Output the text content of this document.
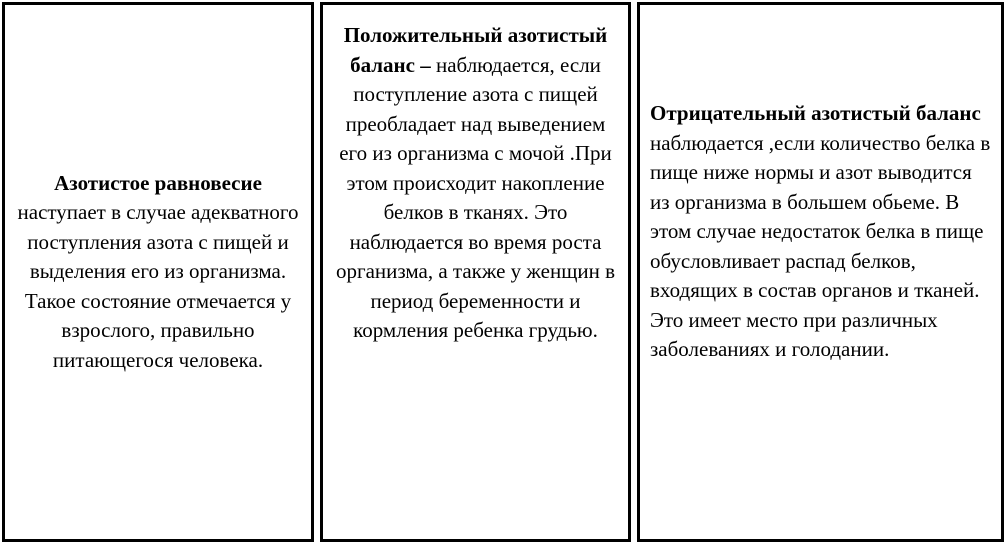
Азотистое равновесие наступает в случае адекватного поступления азота с пищей и выделения его из организма. Такое состояние отмечается у взрослого, правильно питающегося человека.
Положительный азотистый баланс – наблюдается, если поступление азота с пищей преобладает над выведением его из организма с мочой .При этом происходит накопление белков в тканях. Это наблюдается во время роста организма, а также у женщин в период беременности и кормления ребенка грудью.
Отрицательный азотистый баланс наблюдается ,если количество белка в пище ниже нормы и азот выводится из организма в большем обьеме. В этом случае недостаток белка в пище обусловливает распад белков, входящих в состав органов и тканей. Это имеет место при различных заболеваниях и голодании.
